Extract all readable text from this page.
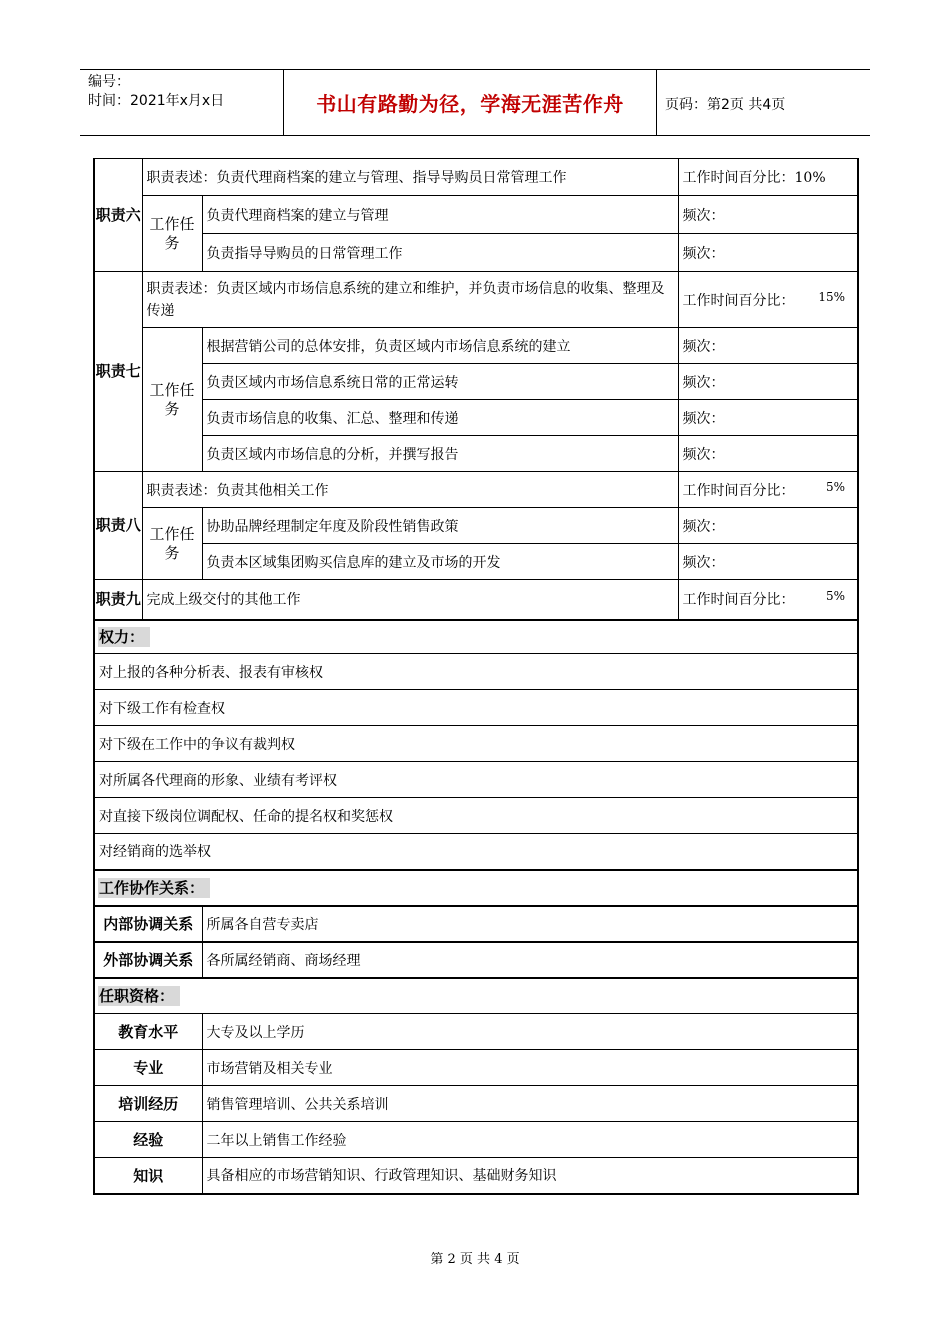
编号：
时间：2021年x月x日	书山有路勤为径，学海无涯苦作舟	页码：第2页 共4页
职责六	职责表述：负责代理商档案的建立与管理、指导导购员日常管理工作		工作时间百分比：10%
	工作任务	负责代理商档案的建立与管理	频次：
		负责指导导购员的日常管理工作	频次：
职责七	职责表述：负责区域内市场信息系统的建立和维护，并负责市场信息的收集、整理及传递		工作时间百分比： 15%

	工作任务	根据营销公司的总体安排，负责区域内市场信息系统的建立	频次：
		负责区域内市场信息系统日常的正常运转	频次：
		负责市场信息的收集、汇总、整理和传递	频次：
		负责区域内市场信息的分析，并撰写报告	频次：
职责八	职责表述：负责其他相关工作		工作时间百分比： 5%

	工作任务	协助品牌经理制定年度及阶段性销售政策	频次：
		负责本区域集团购买信息库的建立及市场的开发	频次：
职责九	完成上级交付的其他工作		工作时间百分比： 5%

权力：			
对上报的各种分析表、报表有审核权			
对下级工作有检查权			
对下级在工作中的争议有裁判权			
对所属各代理商的形象、业绩有考评权			
对直接下级岗位调配权、任命的提名权和奖惩权			
对经销商的选举权			
工作协作关系：			
内部协调关系		所属各自营专卖店	
外部协调关系		各所属经销商、商场经理	
任职资格：			
教育水平		大专及以上学历	
专业		市场营销及相关专业	
培训经历		销售管理培训、公共关系培训	
经验		二年以上销售工作经验	
知识		具备相应的市场营销知识、行政管理知识、基础财务知识	
第 2 页 共 4 页
